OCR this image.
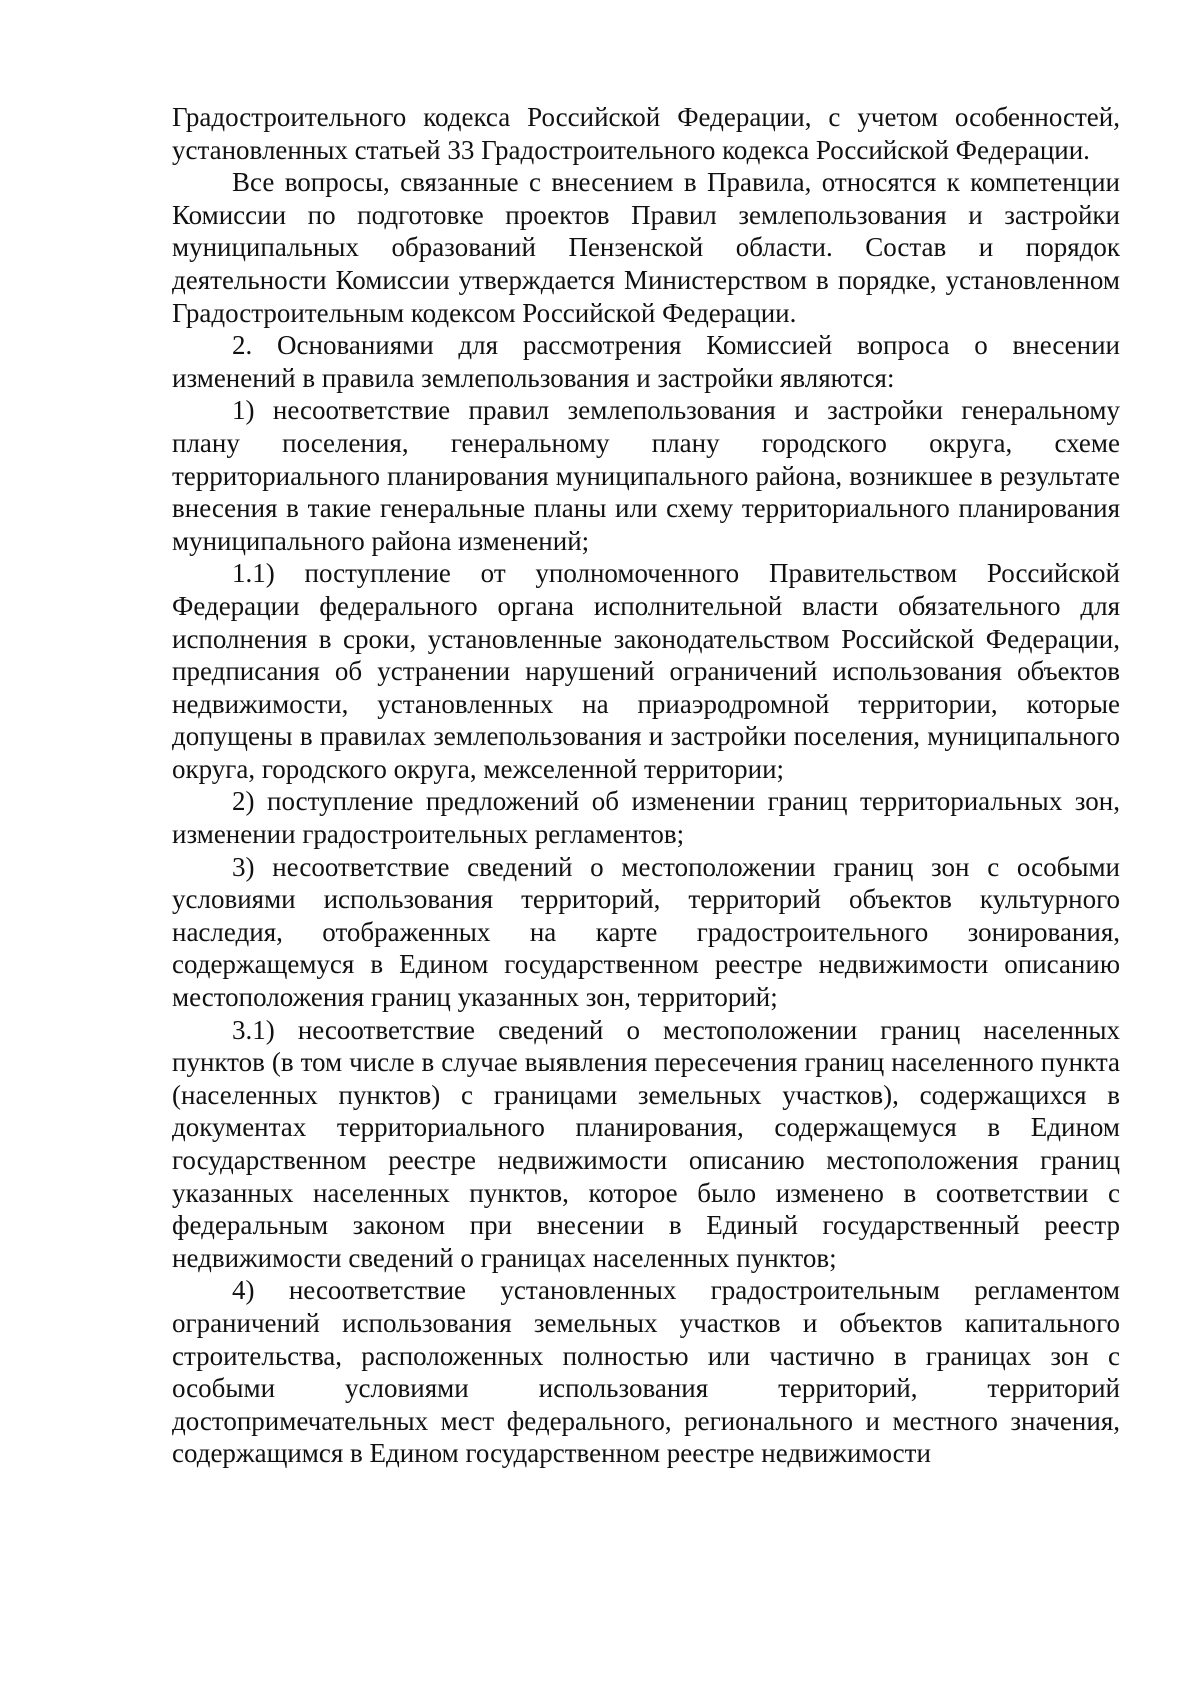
Градостроительного кодекса Российской Федерации, с учетом особенностей, установленных статьей 33 Градостроительного кодекса Российской Федерации.

Все вопросы, связанные с внесением в Правила, относятся к компетенции Комиссии по подготовке проектов Правил землепользования и застройки муниципальных образований Пензенской области. Состав и порядок деятельности Комиссии утверждается Министерством в порядке, установленном Градостроительным кодексом Российской Федерации.

2. Основаниями для рассмотрения Комиссией вопроса о внесении изменений в правила землепользования и застройки являются:

1) несоответствие правил землепользования и застройки генеральному плану поселения, генеральному плану городского округа, схеме территориального планирования муниципального района, возникшее в результате внесения в такие генеральные планы или схему территориального планирования муниципального района изменений;

1.1) поступление от уполномоченного Правительством Российской Федерации федерального органа исполнительной власти обязательного для исполнения в сроки, установленные законодательством Российской Федерации, предписания об устранении нарушений ограничений использования объектов недвижимости, установленных на приаэродромной территории, которые допущены в правилах землепользования и застройки поселения, муниципального округа, городского округа, межселенной территории;

2) поступление предложений об изменении границ территориальных зон, изменении градостроительных регламентов;

3) несоответствие сведений о местоположении границ зон с особыми условиями использования территорий, территорий объектов культурного наследия, отображенных на карте градостроительного зонирования, содержащемуся в Едином государственном реестре недвижимости описанию местоположения границ указанных зон, территорий;

3.1) несоответствие сведений о местоположении границ населенных пунктов (в том числе в случае выявления пересечения границ населенного пункта (населенных пунктов) с границами земельных участков), содержащихся в документах территориального планирования, содержащемуся в Едином государственном реестре недвижимости описанию местоположения границ указанных населенных пунктов, которое было изменено в соответствии с федеральным законом при внесении в Единый государственный реестр недвижимости сведений о границах населенных пунктов;

4) несоответствие установленных градостроительным регламентом ограничений использования земельных участков и объектов капитального строительства, расположенных полностью или частично в границах зон с особыми условиями использования территорий, территорий достопримечательных мест федерального, регионального и местного значения, содержащимся в Едином государственном реестре недвижимости
